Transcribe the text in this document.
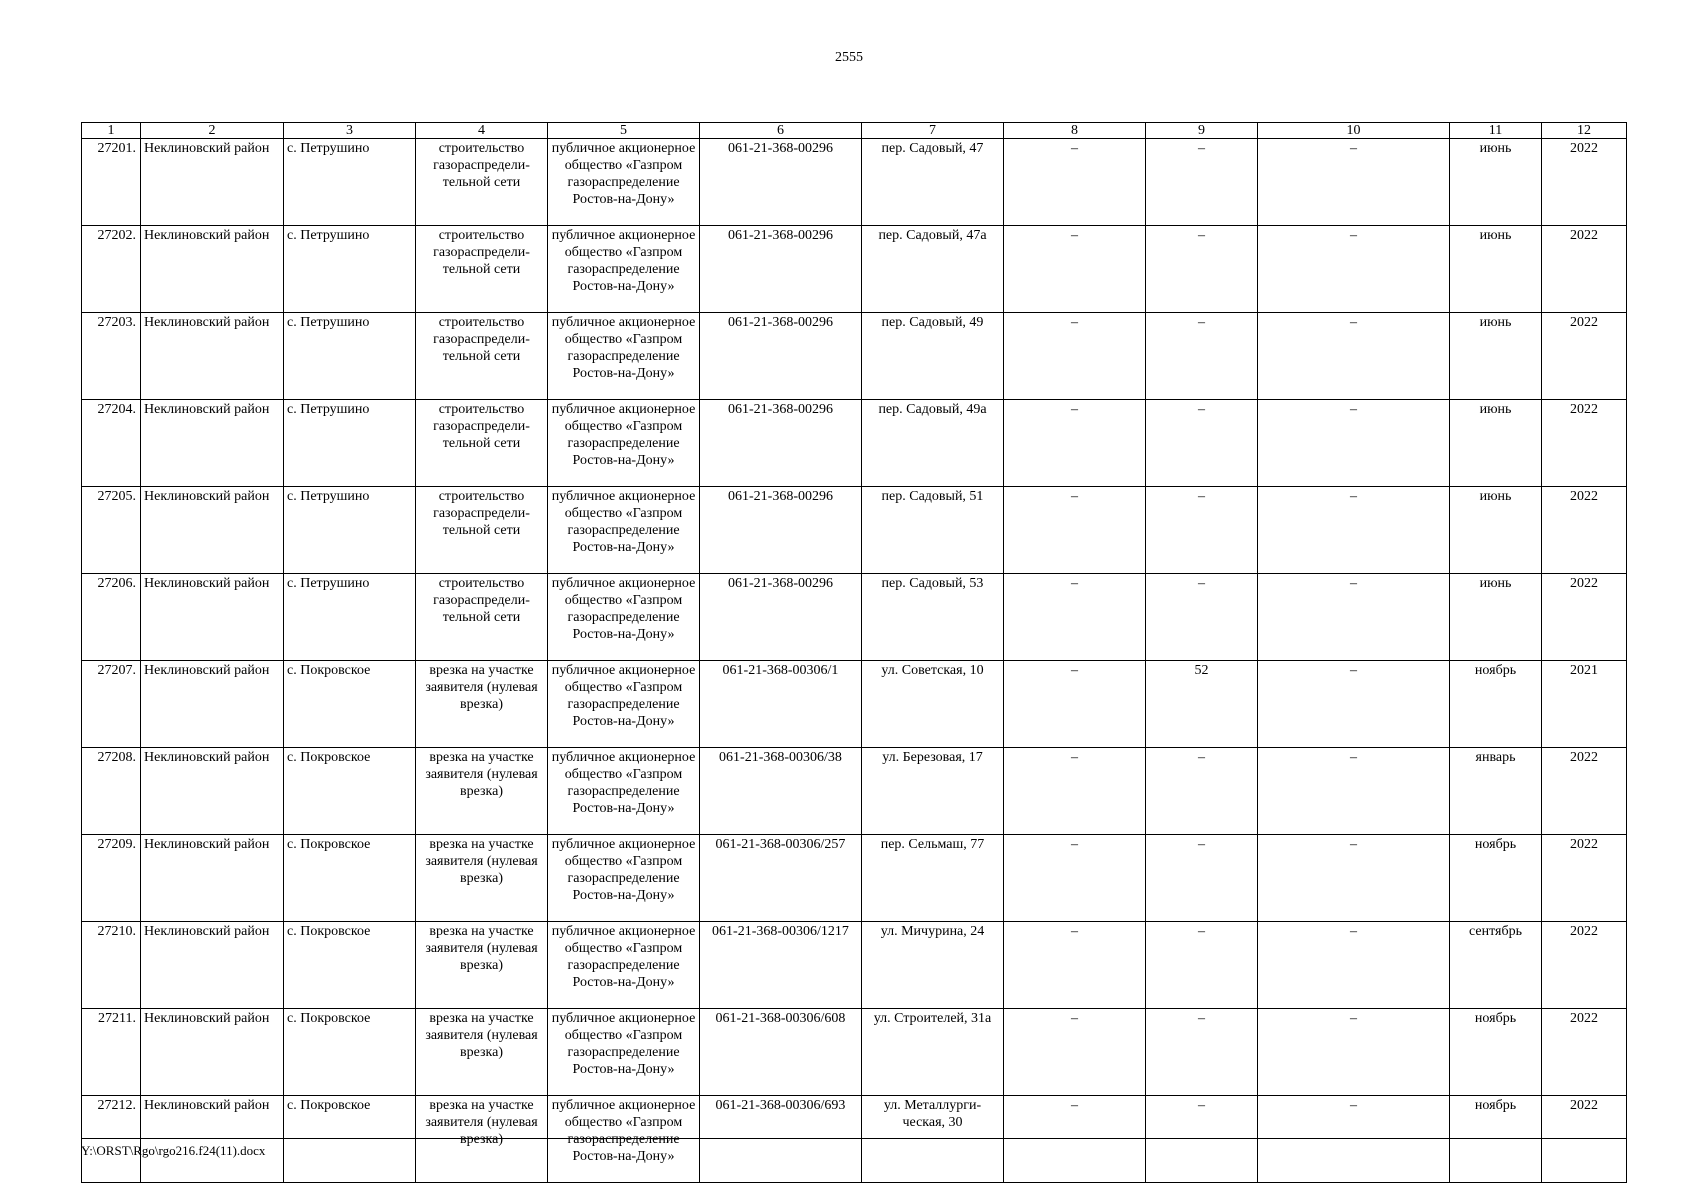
2555
1	2	3	4	5	6	7	8	9	10	11	12
27201.	Неклиновский район	с. Петрушино	строительство газораспредели-тельной сети	публичное акционерное общество «Газпром газораспределение Ростов-на-Дону»	061-21-368-00296	пер. Садовый, 47	–	–	–	июнь	2022
27202.	Неклиновский район	с. Петрушино	строительство газораспредели-тельной сети	публичное акционерное общество «Газпром газораспределение Ростов-на-Дону»	061-21-368-00296	пер. Садовый, 47а	–	–	–	июнь	2022
27203.	Неклиновский район	с. Петрушино	строительство газораспредели-тельной сети	публичное акционерное общество «Газпром газораспределение Ростов-на-Дону»	061-21-368-00296	пер. Садовый, 49	–	–	–	июнь	2022
27204.	Неклиновский район	с. Петрушино	строительство газораспредели-тельной сети	публичное акционерное общество «Газпром газораспределение Ростов-на-Дону»	061-21-368-00296	пер. Садовый, 49а	–	–	–	июнь	2022
27205.	Неклиновский район	с. Петрушино	строительство газораспредели-тельной сети	публичное акционерное общество «Газпром газораспределение Ростов-на-Дону»	061-21-368-00296	пер. Садовый, 51	–	–	–	июнь	2022
27206.	Неклиновский район	с. Петрушино	строительство газораспредели-тельной сети	публичное акционерное общество «Газпром газораспределение Ростов-на-Дону»	061-21-368-00296	пер. Садовый, 53	–	–	–	июнь	2022
27207.	Неклиновский район	с. Покровское	врезка на участке заявителя (нулевая врезка)	публичное акционерное общество «Газпром газораспределение Ростов-на-Дону»	061-21-368-00306/1	ул. Советская, 10	–	52	–	ноябрь	2021
27208.	Неклиновский район	с. Покровское	врезка на участке заявителя (нулевая врезка)	публичное акционерное общество «Газпром газораспределение Ростов-на-Дону»	061-21-368-00306/38	ул. Березовая, 17	–	–	–	январь	2022
27209.	Неклиновский район	с. Покровское	врезка на участке заявителя (нулевая врезка)	публичное акционерное общество «Газпром газораспределение Ростов-на-Дону»	061-21-368-00306/257	пер. Сельмаш, 77	–	–	–	ноябрь	2022
27210.	Неклиновский район	с. Покровское	врезка на участке заявителя (нулевая врезка)	публичное акционерное общество «Газпром газораспределение Ростов-на-Дону»	061-21-368-00306/1217	ул. Мичурина, 24	–	–	–	сентябрь	2022
27211.	Неклиновский район	с. Покровское	врезка на участке заявителя (нулевая врезка)	публичное акционерное общество «Газпром газораспределение Ростов-на-Дону»	061-21-368-00306/608	ул. Строителей, 31а	–	–	–	ноябрь	2022
27212.	Неклиновский район	с. Покровское	врезка на участке заявителя (нулевая врезка)	публичное акционерное общество «Газпром газораспределение Ростов-на-Дону»	061-21-368-00306/693	ул. Металлурги-ческая, 30	–	–	–	ноябрь	2022
Y:\ORST\Rgo\rgo216.f24(11).docx
